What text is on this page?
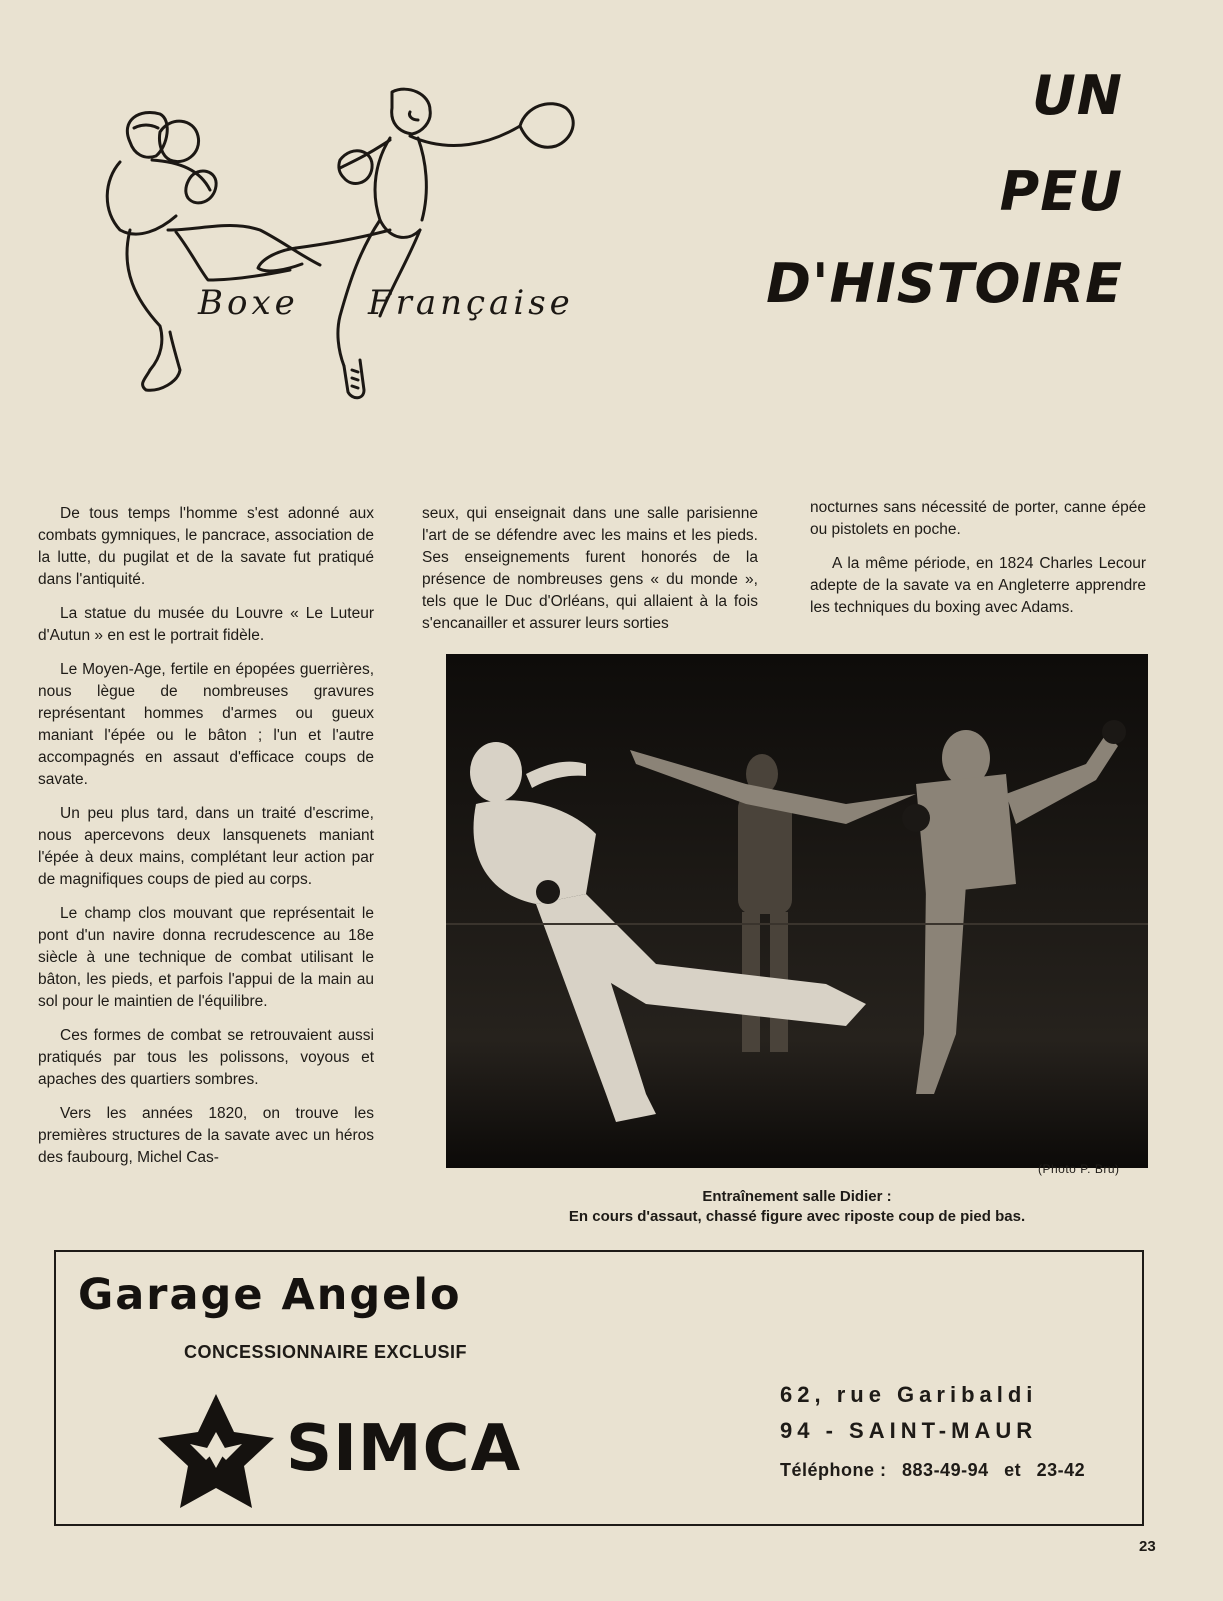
Boxe Française
UN
PEU
D'HISTOIRE

De tous temps l'homme s'est adonné aux combats gymniques, le pancrace, association de la lutte, du pugilat et de la savate fut pratiqué dans l'antiquité.

La statue du musée du Louvre « Le Luteur d'Autun » en est le portrait fidèle.

Le Moyen-Age, fertile en épopées guerrières, nous lègue de nombreuses gravures représentant hommes d'armes ou gueux maniant l'épée ou le bâton ; l'un et l'autre accompagnés en assaut d'efficace coups de savate.

Un peu plus tard, dans un traité d'escrime, nous apercevons deux lansquenets maniant l'épée à deux mains, complétant leur action par de magnifiques coups de pied au corps.

Le champ clos mouvant que représentait le pont d'un navire donna recrudescence au 18e siècle à une technique de combat utilisant le bâton, les pieds, et parfois l'appui de la main au sol pour le maintien de l'équilibre.

Ces formes de combat se retrouvaient aussi pratiqués par tous les polissons, voyous et apaches des quartiers sombres.

Vers les années 1820, on trouve les premières structures de la savate avec un héros des faubourg, Michel Cas-

seux, qui enseignait dans une salle parisienne l'art de se défendre avec les mains et les pieds. Ses enseignements furent honorés de la présence de nombreuses gens « du monde », tels que le Duc d'Orléans, qui allaient à la fois s'encanailler et assurer leurs sorties

nocturnes sans nécessité de porter, canne épée ou pistolets en poche.

A la même période, en 1824 Charles Lecour adepte de la savate va en Angleterre apprendre les techniques du boxing avec Adams.

(Photo P. Bru)
Entraînement salle Didier :
En cours d'assaut, chassé figure avec riposte coup de pied bas.
Garage Angelo
CONCESSIONNAIRE EXCLUSIF
SIMCA
62, rue Garibaldi
94 - SAINT-MAUR
Téléphone : 883-49-94 et 23-42
23
